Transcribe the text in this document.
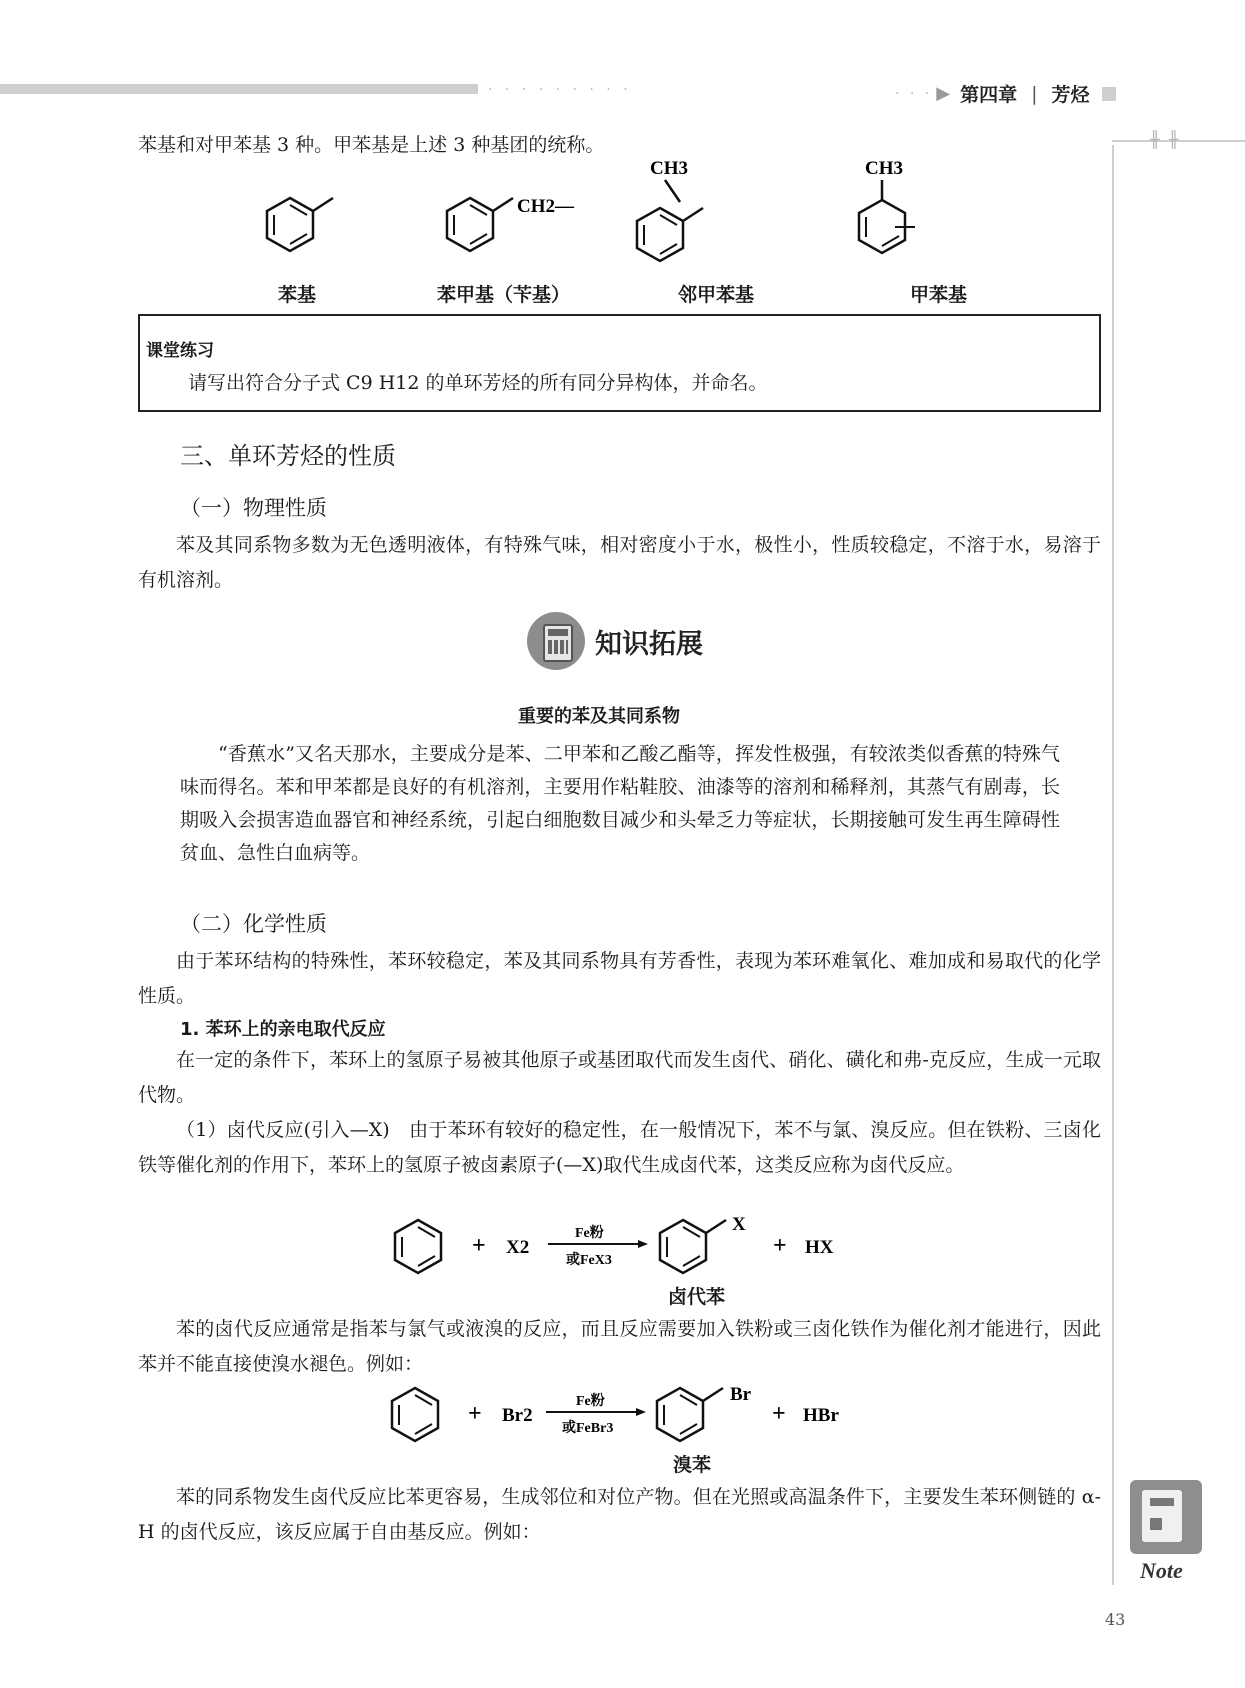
· · · · · · · · ·	· · · ▶ 第四章 | 芳烃
╫ ╫
苯基和对甲苯基 3 种。甲苯基是上述 3 种基团的统称。
CH2—
CH3	CH3
苯基	苯甲基（苄基）	邻甲苯基	甲苯基
课堂练习
请写出符合分子式 C9 H12 的单环芳烃的所有同分异构体，并命名。
三、单环芳烃的性质
（一）物理性质
苯及其同系物多数为无色透明液体，有特殊气味，相对密度小于水，极性小，性质较稳定，不溶于水，易溶于有机溶剂。
知识拓展
重要的苯及其同系物
“香蕉水”又名天那水，主要成分是苯、二甲苯和乙酸乙酯等，挥发性极强，有较浓类似香蕉的特殊气味而得名。苯和甲苯都是良好的有机溶剂，主要用作粘鞋胶、油漆等的溶剂和稀释剂，其蒸气有剧毒，长期吸入会损害造血器官和神经系统，引起白细胞数目减少和头晕乏力等症状，长期接触可发生再生障碍性贫血、急性白血病等。
（二）化学性质
由于苯环结构的特殊性，苯环较稳定，苯及其同系物具有芳香性，表现为苯环难氧化、难加成和易取代的化学性质。
1. 苯环上的亲电取代反应
在一定的条件下，苯环上的氢原子易被其他原子或基团取代而发生卤代、硝化、磺化和弗-克反应，生成一元取代物。
（1）卤代反应(引入—X)　由于苯环有较好的稳定性，在一般情况下，苯不与氯、溴反应。但在铁粉、三卤化铁等催化剂的作用下，苯环上的氢原子被卤素原子(—X)取代生成卤代苯，这类反应称为卤代反应。
+ X2
Fe粉
或FeX3
X
+ HX
卤代苯
苯的卤代反应通常是指苯与氯气或液溴的反应，而且反应需要加入铁粉或三卤化铁作为催化剂才能进行，因此苯并不能直接使溴水褪色。例如：
+ Br2
Fe粉
或FeBr3
Br
+ HBr
溴苯
苯的同系物发生卤代反应比苯更容易，生成邻位和对位产物。但在光照或高温条件下，主要发生苯环侧链的 α-H 的卤代反应，该反应属于自由基反应。例如：
Note
43
